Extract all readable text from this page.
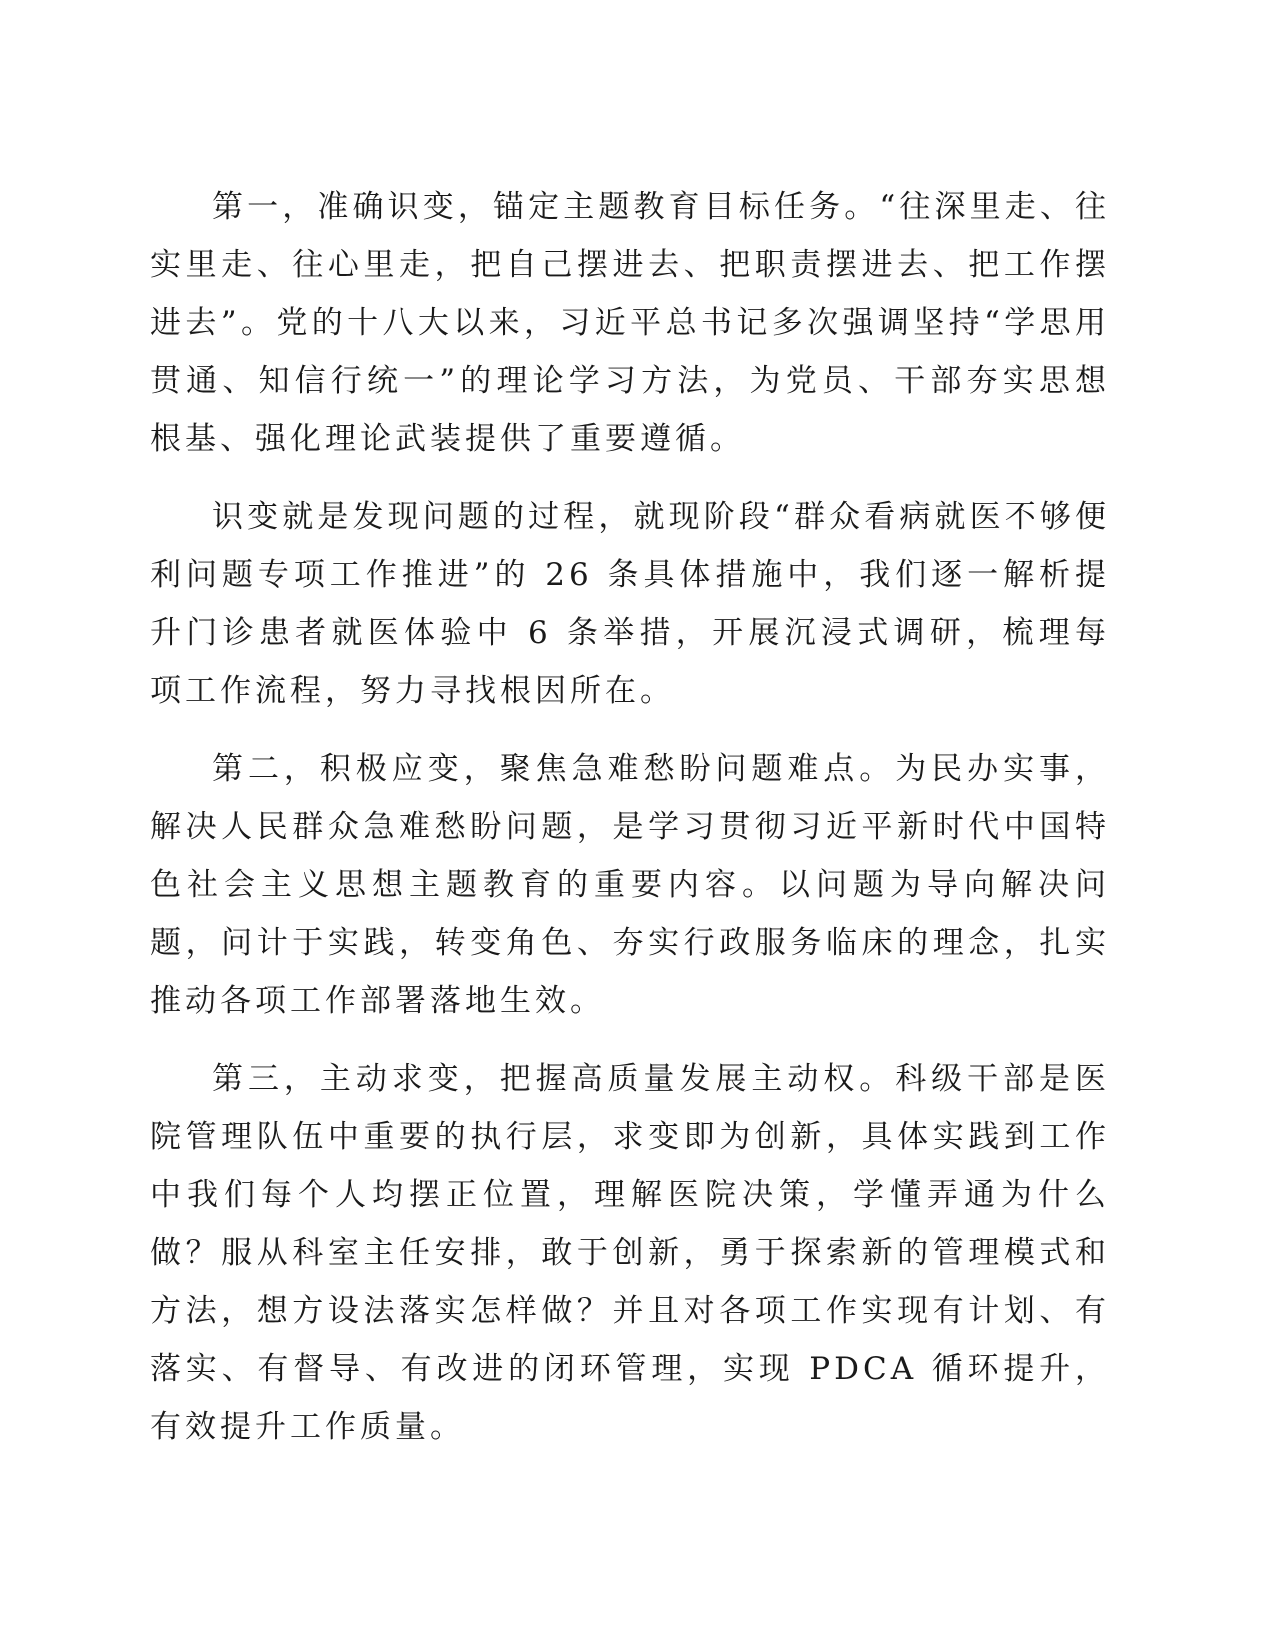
第一，准确识变，锚定主题教育目标任务。“往深里走、往实里走、往心里走，把自己摆进去、把职责摆进去、把工作摆进去”。党的十八大以来，习近平总书记多次强调坚持“学思用贯通、知信行统一”的理论学习方法，为党员、干部夯实思想根基、强化理论武装提供了重要遵循。

识变就是发现问题的过程，就现阶段“群众看病就医不够便利问题专项工作推进”的 26 条具体措施中，我们逐一解析提升门诊患者就医体验中 6 条举措，开展沉浸式调研，梳理每项工作流程，努力寻找根因所在。

第二，积极应变，聚焦急难愁盼问题难点。为民办实事，解决人民群众急难愁盼问题，是学习贯彻习近平新时代中国特色社会主义思想主题教育的重要内容。以问题为导向解决问题，问计于实践，转变角色、夯实行政服务临床的理念，扎实推动各项工作部署落地生效。

第三，主动求变，把握高质量发展主动权。科级干部是医院管理队伍中重要的执行层，求变即为创新，具体实践到工作中我们每个人均摆正位置，理解医院决策，学懂弄通为什么做？服从科室主任安排，敢于创新，勇于探索新的管理模式和方法，想方设法落实怎样做？并且对各项工作实现有计划、有落实、有督导、有改进的闭环管理，实现 PDCA 循环提升，有效提升工作质量。
